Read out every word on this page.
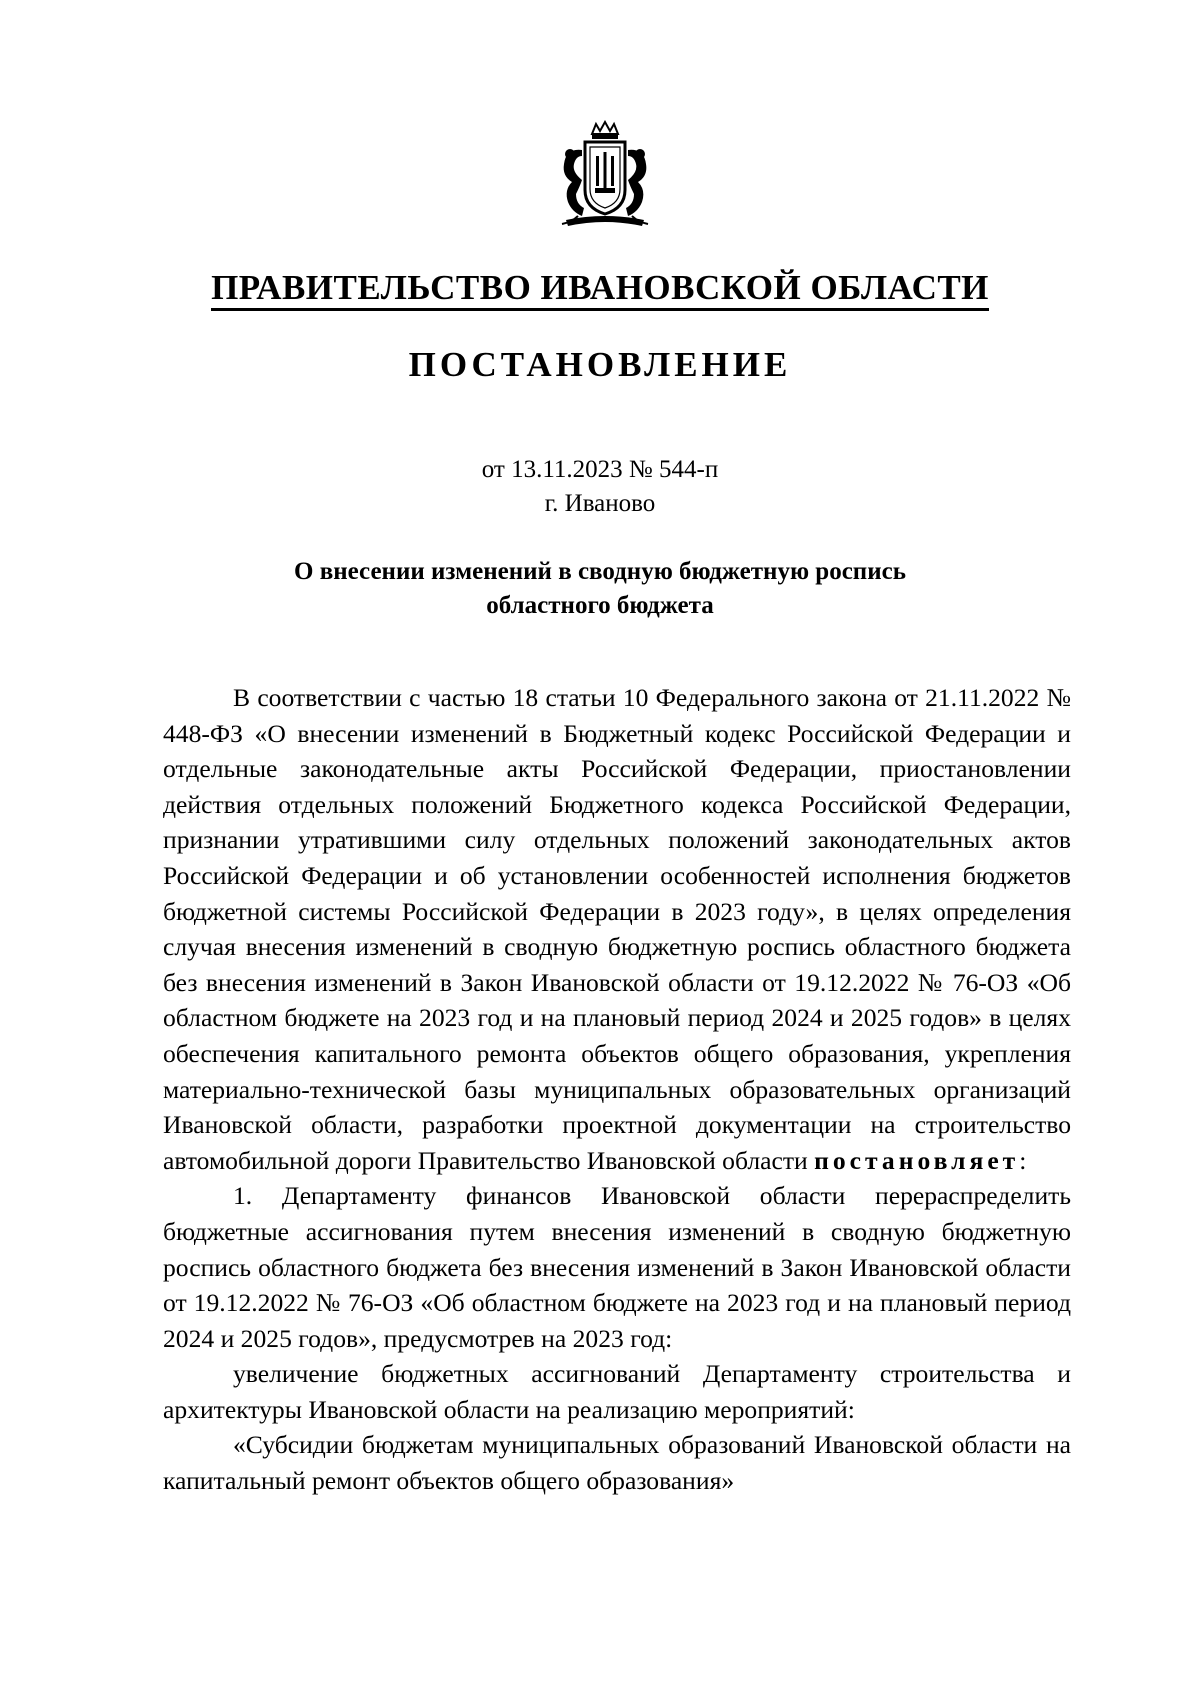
ПРАВИТЕЛЬСТВО ИВАНОВСКОЙ ОБЛАСТИ
ПОСТАНОВЛЕНИЕ
от 13.11.2023 № 544-п
г. Иваново
О внесении изменений в сводную бюджетную роспись
областного бюджета

В соответствии с частью 18 статьи 10 Федерального закона от 21.11.2022 № 448-ФЗ «О внесении изменений в Бюджетный кодекс Российской Федерации и отдельные законодательные акты Российской Федерации, приостановлении действия отдельных положений Бюджетного кодекса Российской Федерации, признании утратившими силу отдельных положений законодательных актов Российской Федерации и об установлении особенностей исполнения бюджетов бюджетной системы Российской Федерации в 2023 году», в целях определения случая внесения изменений в сводную бюджетную роспись областного бюджета без внесения изменений в Закон Ивановской области от 19.12.2022 № 76-ОЗ «Об областном бюджете на 2023 год и на плановый период 2024 и 2025 годов» в целях обеспечения капитального ремонта объектов общего образования, укрепления материально-технической базы муниципальных образовательных организаций Ивановской области, разработки проектной документации на строительство автомобильной дороги Правительство Ивановской области постановляет:

1. Департаменту финансов Ивановской области перераспределить бюджетные ассигнования путем внесения изменений в сводную бюджетную роспись областного бюджета без внесения изменений в Закон Ивановской области от 19.12.2022 № 76-ОЗ «Об областном бюджете на 2023 год и на плановый период 2024 и 2025 годов», предусмотрев на 2023 год:

увеличение бюджетных ассигнований Департаменту строительства и архитектуры Ивановской области на реализацию мероприятий:

«Субсидии бюджетам муниципальных образований Ивановской области на капитальный ремонт объектов общего образования»
